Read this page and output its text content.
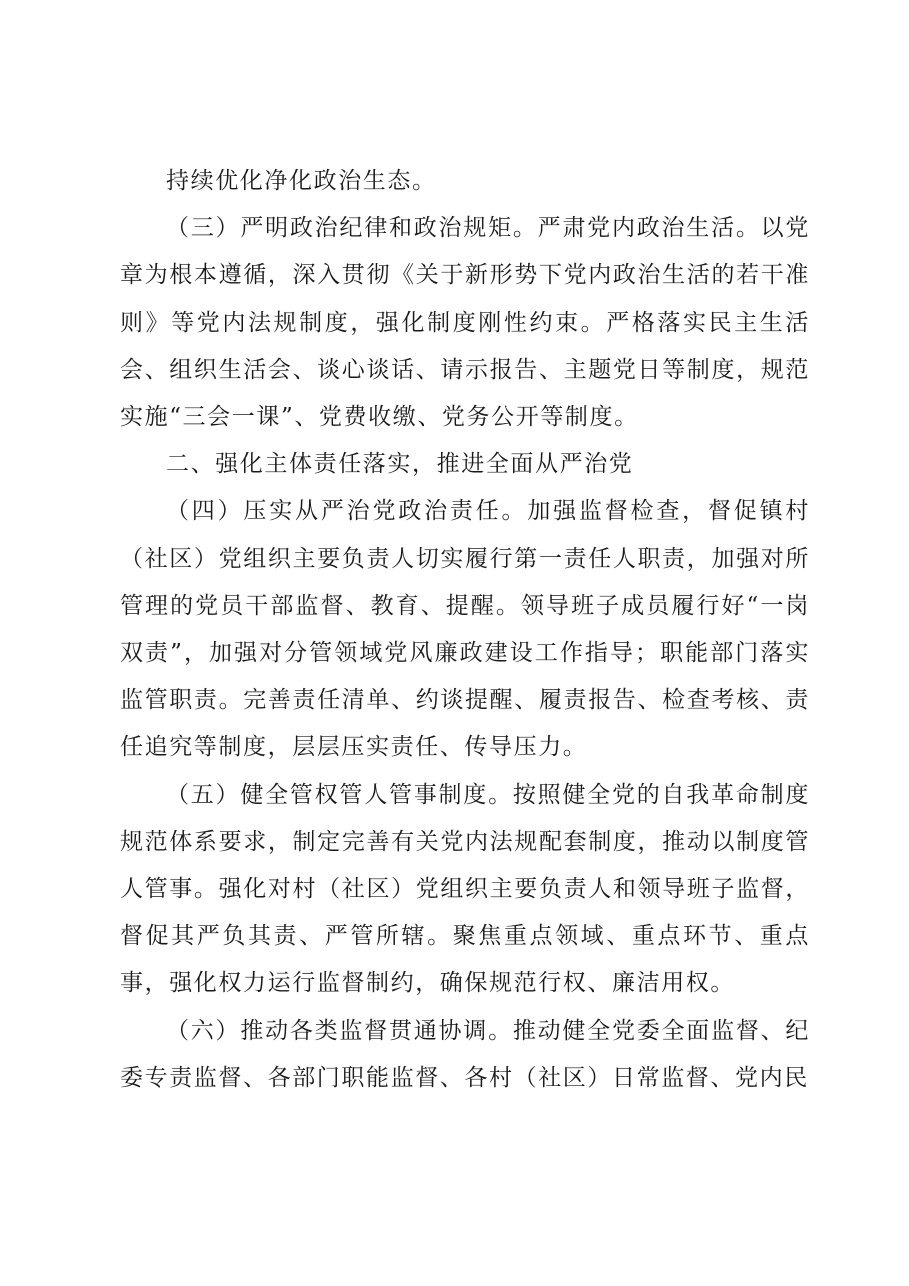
持续优化净化政治生态。

（三）严明政治纪律和政治规矩。严肃党内政治生活。以党章为根本遵循，深入贯彻《关于新形势下党内政治生活的若干准则》等党内法规制度，强化制度刚性约束。严格落实民主生活会、组织生活会、谈心谈话、请示报告、主题党日等制度，规范实施“三会一课”、党费收缴、党务公开等制度。

二、强化主体责任落实，推进全面从严治党

（四）压实从严治党政治责任。加强监督检查，督促镇村（社区）党组织主要负责人切实履行第一责任人职责，加强对所管理的党员干部监督、教育、提醒。领导班子成员履行好“一岗双责”，加强对分管领域党风廉政建设工作指导；职能部门落实监管职责。完善责任清单、约谈提醒、履责报告、检查考核、责任追究等制度，层层压实责任、传导压力。

（五）健全管权管人管事制度。按照健全党的自我革命制度规范体系要求，制定完善有关党内法规配套制度，推动以制度管人管事。强化对村（社区）党组织主要负责人和领导班子监督，督促其严负其责、严管所辖。聚焦重点领域、重点环节、重点事，强化权力运行监督制约，确保规范行权、廉洁用权。

（六）推动各类监督贯通协调。推动健全党委全面监督、纪委专责监督、各部门职能监督、各村（社区）日常监督、党内民
